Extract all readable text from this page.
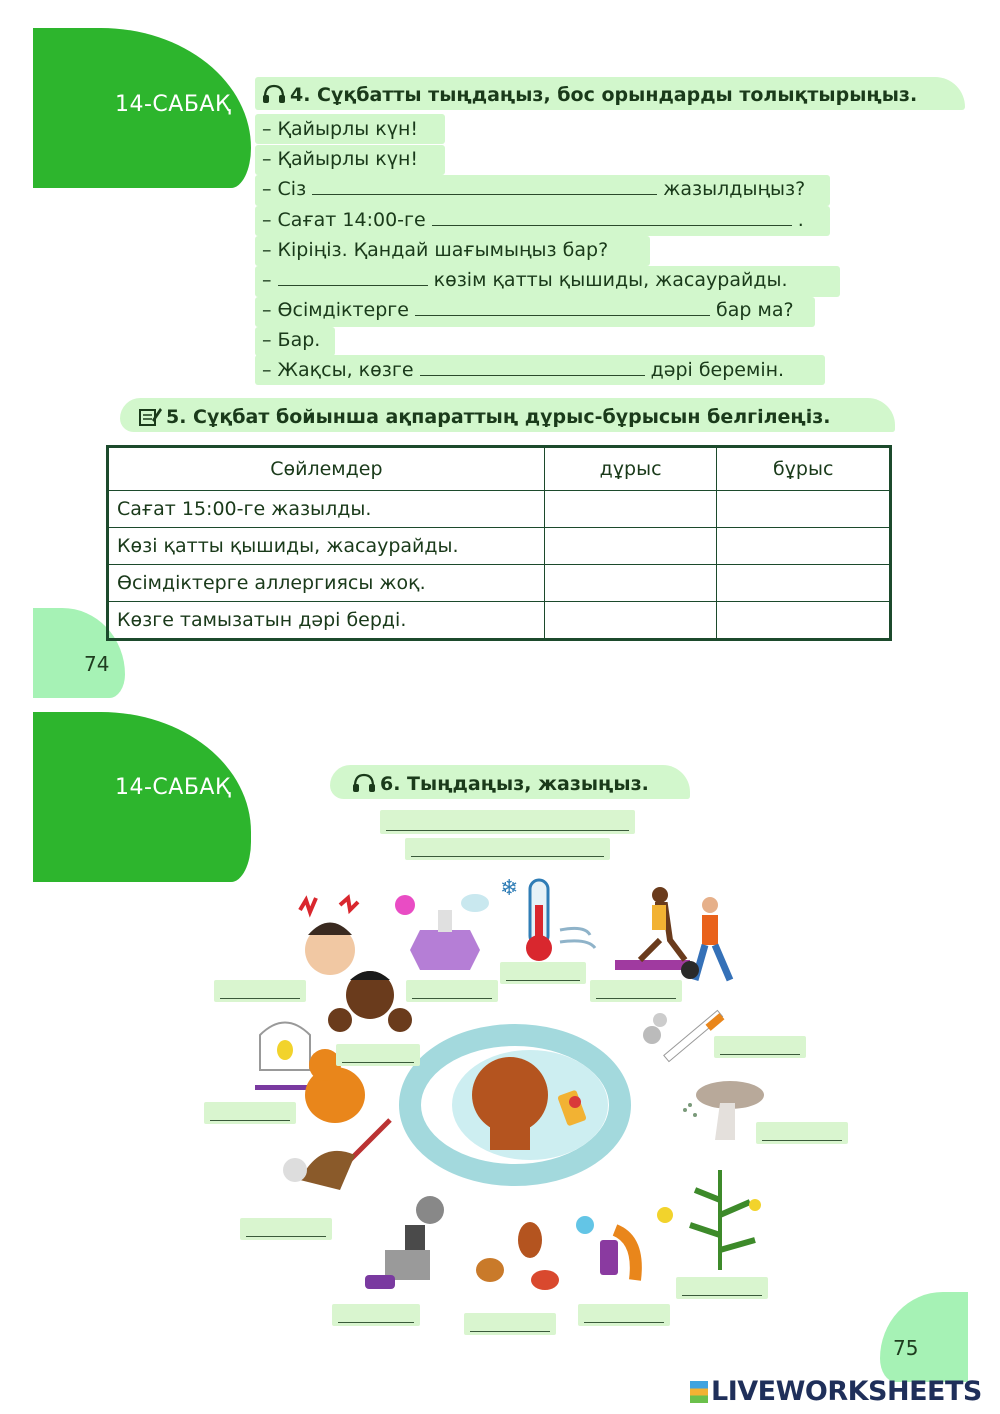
14-САБАҚ
74
4. Сұқбатты тыңдаңыз, бос орындарды толықтырыңыз.
– Қайырлы күн!
– Қайырлы күн!
– Сіз	жазылдыңыз?
– Сағат 14:00-ге	.
– Кіріңіз. Қандай шағымыңыз бар?
–	көзім қатты қышиды, жасаурайды.
– Өсімдіктерге	бар ма?
– Бар.
– Жақсы, көзге	дәрі беремін.
5. Сұқбат бойынша ақпараттың дұрыс-бұрысын белгілеңіз.
Сөйлемдер	дұрыс	бұрыс
Сағат 15:00-ге жазылды.		
Көзі қатты қышиды, жасаурайды.		
Өсімдіктерге аллергиясы жоқ.		
Көзге тамызатын дәрі берді.		
14-САБАҚ	6. Тыңдаңыз, жазыңыз.
❄
75
LIVEWORKSHEETS
